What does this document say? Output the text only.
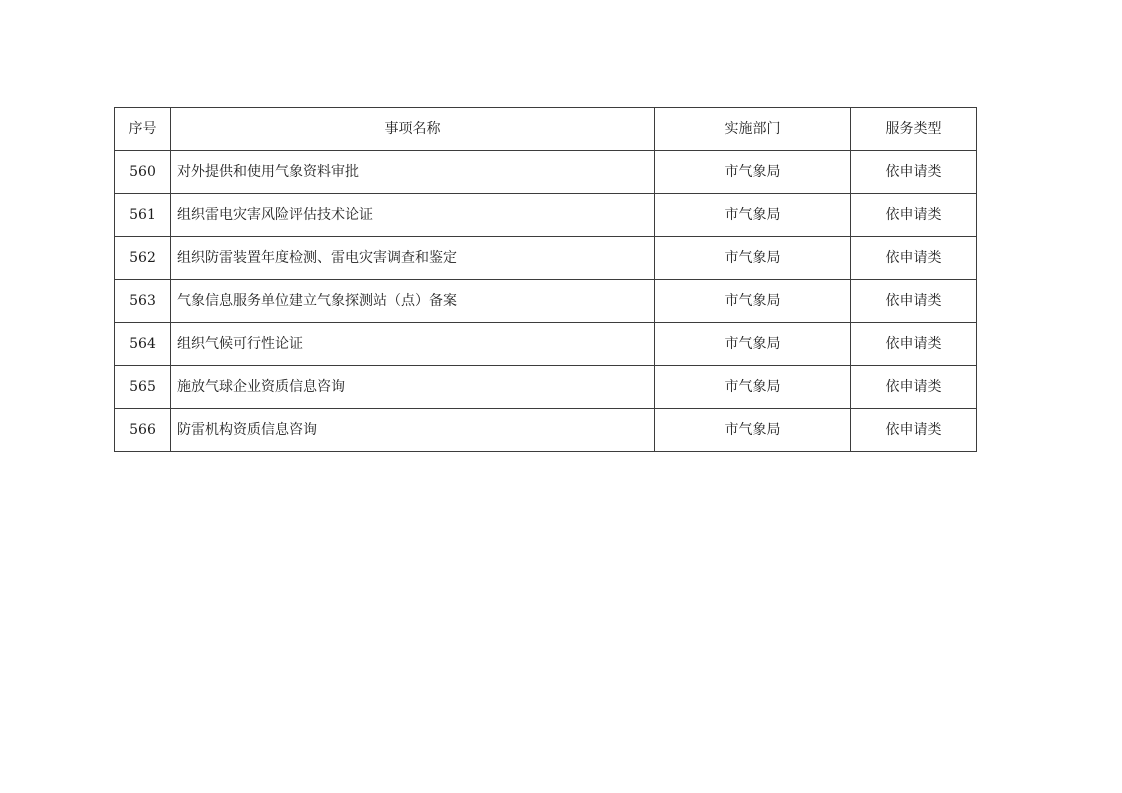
序号	事项名称	实施部门	服务类型
560	对外提供和使用气象资料审批	市气象局	依申请类
561	组织雷电灾害风险评估技术论证	市气象局	依申请类
562	组织防雷装置年度检测、雷电灾害调查和鉴定	市气象局	依申请类
563	气象信息服务单位建立气象探测站（点）备案	市气象局	依申请类
564	组织气候可行性论证	市气象局	依申请类
565	施放气球企业资质信息咨询	市气象局	依申请类
566	防雷机构资质信息咨询	市气象局	依申请类
